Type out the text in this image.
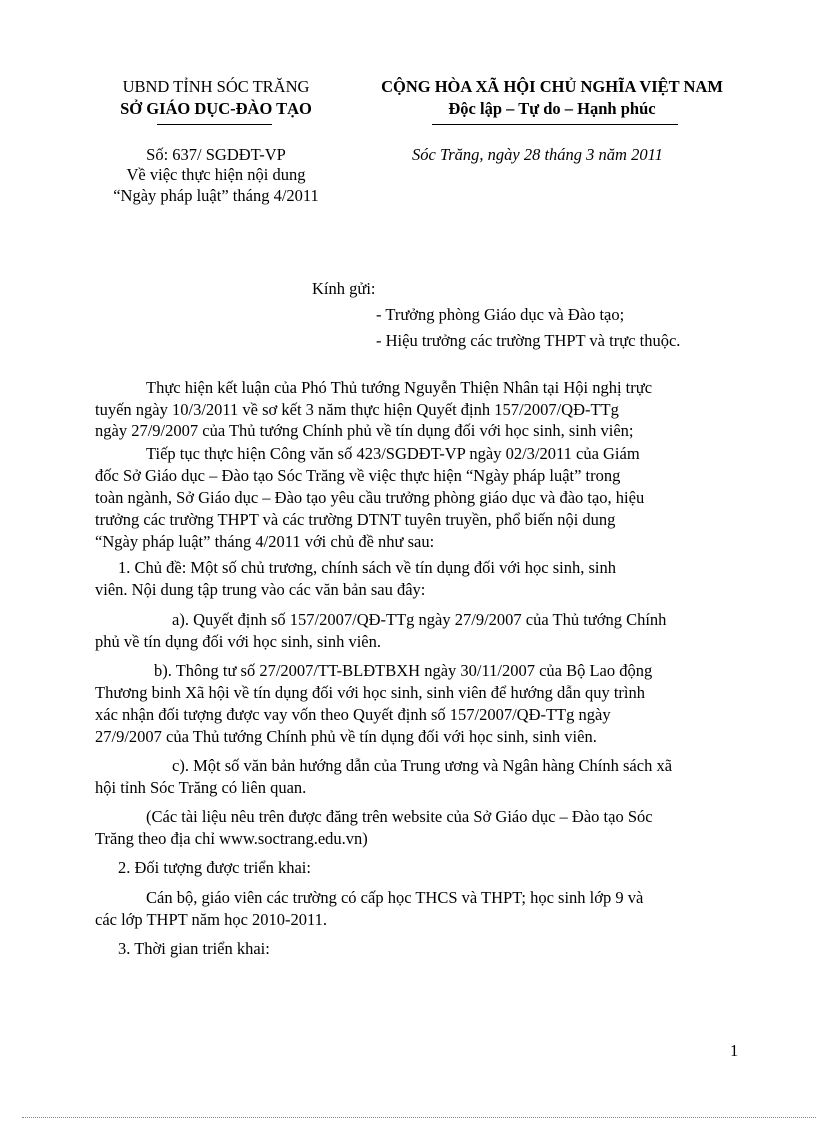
UBND TỈNH SÓC TRĂNG
SỞ GIÁO DỤC-ĐÀO TẠO
CỘNG HÒA XÃ HỘI CHỦ NGHĨA VIỆT NAM
Độc lập – Tự do – Hạnh phúc
Số: 637/ SGDĐT-VP
Về việc thực hiện nội dung
“Ngày pháp luật” tháng 4/2011
Sóc Trăng, ngày 28 tháng 3 năm 2011
Kính gửi:
- Trưởng phòng Giáo dục và Đào tạo;
- Hiệu trưởng các trường THPT và trực thuộc.
Thực hiện kết luận của Phó Thủ tướng Nguyễn Thiện Nhân tại Hội nghị trực
tuyến ngày 10/3/2011 về sơ kết 3 năm thực hiện Quyết định 157/2007/QĐ-TTg
ngày 27/9/2007 của Thủ tướng Chính phủ về tín dụng đối với học sinh, sinh viên;
Tiếp tục thực hiện Công văn số 423/SGDĐT-VP ngày 02/3/2011 của Giám
đốc Sở Giáo dục – Đào tạo Sóc Trăng về việc thực hiện “Ngày pháp luật” trong
toàn ngành, Sở Giáo dục – Đào tạo yêu cầu trưởng phòng giáo dục và đào tạo, hiệu
trưởng các trường THPT và các trường DTNT tuyên truyền, phổ biến nội dung
“Ngày pháp luật” tháng 4/2011 với chủ đề như sau:
1. Chủ đề: Một số chủ trương, chính sách về tín dụng đối với học sinh, sinh
viên. Nội dung tập trung vào các văn bản sau đây:
a). Quyết định số 157/2007/QĐ-TTg ngày 27/9/2007 của Thủ tướng Chính
phủ về tín dụng đối với học sinh, sinh viên.
b). Thông tư số 27/2007/TT-BLĐTBXH ngày 30/11/2007 của Bộ Lao động
Thương binh Xã hội về tín dụng đối với học sinh, sinh viên để hướng dẫn quy trình
xác nhận đối tượng được vay vốn theo Quyết định số 157/2007/QĐ-TTg ngày
27/9/2007 của Thủ tướng Chính phủ về tín dụng đối với học sinh, sinh viên.
c). Một số văn bản hướng dẫn của Trung ương và Ngân hàng Chính sách xã
hội tỉnh Sóc Trăng có liên quan.
(Các tài liệu nêu trên được đăng trên website của Sở Giáo dục – Đào tạo Sóc
Trăng theo địa chỉ www.soctrang.edu.vn)
2. Đối tượng được triển khai:
Cán bộ, giáo viên các trường có cấp học THCS và THPT; học sinh lớp 9 và
các lớp THPT năm học 2010-2011.
3. Thời gian triển khai:
1
